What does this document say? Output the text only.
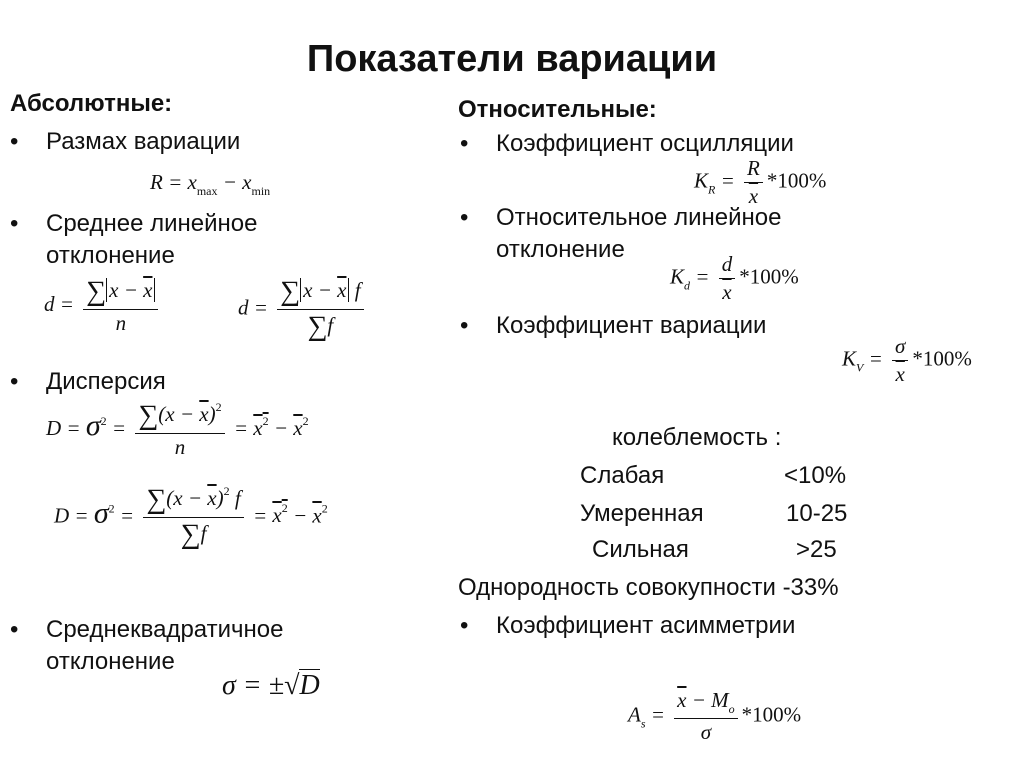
Показатели вариации
Абсолютные:
• Размах вариации
$R = x_{max} - x_{min}$
• Среднее линейное отклонение
$d = \frac{\sum x - \overline{x}}{n}$	$d = \frac{\sum x - \overline{x} f}{\sum f}$
• Дисперсия
$D = \sigma^2 = \frac{\sum(x - \overline{x})^2}{n} = x^2 - \overline{x}^2$
$D = \sigma^2 = \frac{\sum(x - \overline{x})^2 f}{\sum f} = x^2 - \overline{x}^2$
• Среднеквадратичное отклонение
σ = ±√D
Относительные:
• Коэффициент осцилляции
$K_R = \frac{R}{x} *100\%$
• Относительное линейное отклонение
$K_d = \frac{d}{x} *100\%$
• Коэффициент вариации
$K_V = \frac{\sigma}{x} *100\%$
колеблемость :
Слабая	<10%
Умеренная	10-25
Сильная	>25
Однородность совокупности -33%
• Коэффициент асимметрии
$A_s = \frac{\overline{x} - M_o}{\sigma} *100\%$
